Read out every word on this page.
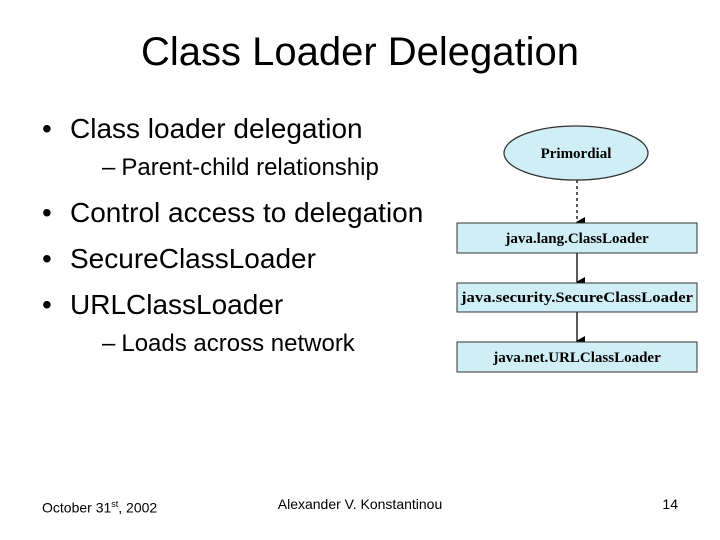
Class Loader Delegation
• Class loader delegation
– Parent-child relationship
• Control access to delegation
• SecureClassLoader
• URLClassLoader
– Loads across network
Primordial
java.lang.ClassLoader
java.security.SecureClassLoader
java.net.URLClassLoader
October 31st, 2002	Alexander V. Konstantinou	14
